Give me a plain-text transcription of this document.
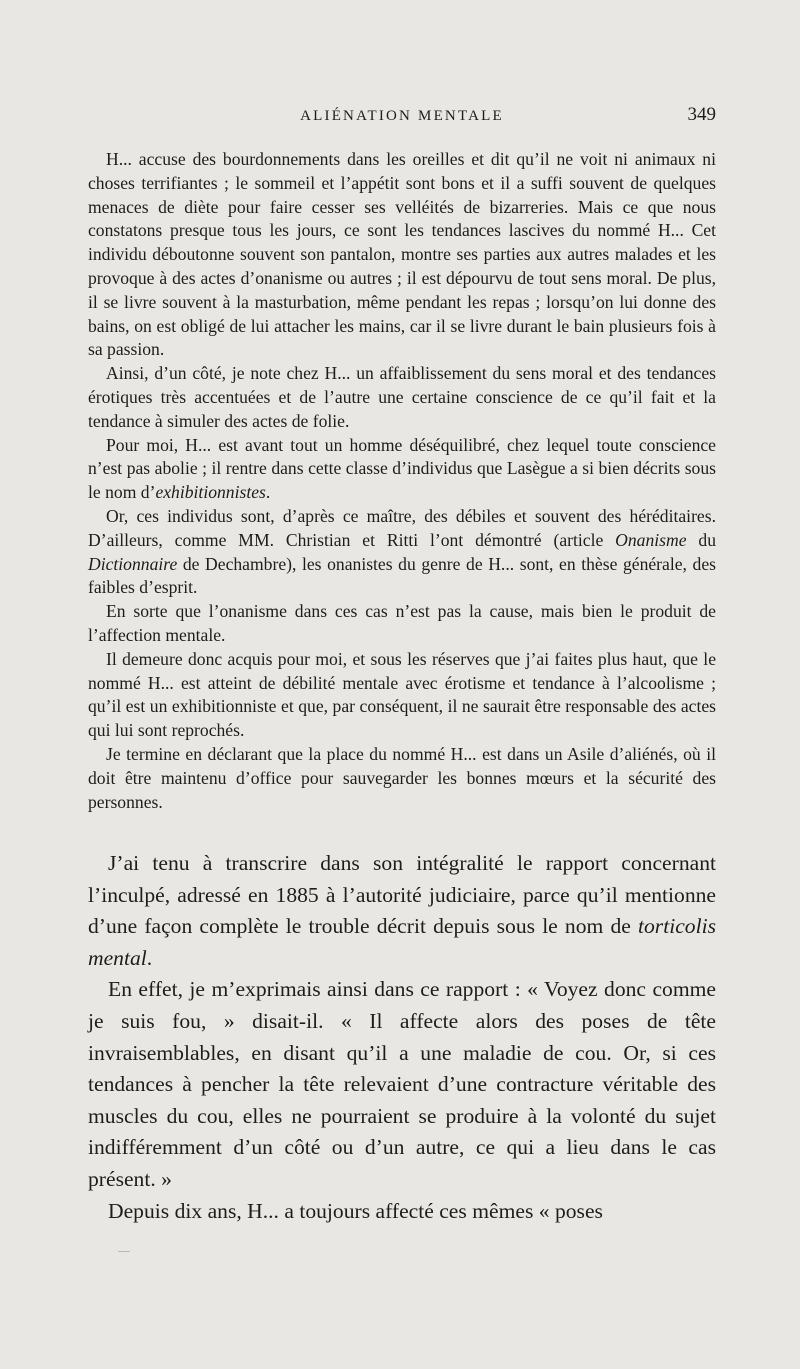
ALIÉNATION MENTALE	349

H... accuse des bourdonnements dans les oreilles et dit qu’il ne voit ni animaux ni choses terrifiantes ; le sommeil et l’appétit sont bons et il a suffi souvent de quelques menaces de diète pour faire cesser ses velléités de bizarreries. Mais ce que nous constatons presque tous les jours, ce sont les tendances lascives du nommé H... Cet individu déboutonne souvent son pantalon, montre ses parties aux autres malades et les provoque à des actes d’onanisme ou autres ; il est dépourvu de tout sens moral. De plus, il se livre souvent à la masturbation, même pendant les repas ; lorsqu’on lui donne des bains, on est obligé de lui attacher les mains, car il se livre durant le bain plusieurs fois à sa passion.

Ainsi, d’un côté, je note chez H... un affaiblissement du sens moral et des tendances érotiques très accentuées et de l’autre une certaine conscience de ce qu’il fait et la tendance à simuler des actes de folie.

Pour moi, H... est avant tout un homme déséquilibré, chez lequel toute conscience n’est pas abolie ; il rentre dans cette classe d’individus que Lasègue a si bien décrits sous le nom d’exhibitionnistes.

Or, ces individus sont, d’après ce maître, des débiles et souvent des héréditaires. D’ailleurs, comme MM. Christian et Ritti l’ont démontré (article Onanisme du Dictionnaire de Dechambre), les onanistes du genre de H... sont, en thèse générale, des faibles d’esprit.

En sorte que l’onanisme dans ces cas n’est pas la cause, mais bien le produit de l’affection mentale.

Il demeure donc acquis pour moi, et sous les réserves que j’ai faites plus haut, que le nommé H... est atteint de débilité mentale avec érotisme et tendance à l’alcoolisme ; qu’il est un exhibitionniste et que, par conséquent, il ne saurait être responsable des actes qui lui sont reprochés.

Je termine en déclarant que la place du nommé H... est dans un Asile d’aliénés, où il doit être maintenu d’office pour sauvegarder les bonnes mœurs et la sécurité des personnes.

J’ai tenu à transcrire dans son intégralité le rapport concernant l’inculpé, adressé en 1885 à l’autorité judiciaire, parce qu’il mentionne d’une façon complète le trouble décrit depuis sous le nom de torticolis mental.

En effet, je m’exprimais ainsi dans ce rapport : « Voyez donc comme je suis fou, » disait-il. « Il affecte alors des poses de tête invraisemblables, en disant qu’il a une maladie de cou. Or, si ces tendances à pencher la tête relevaient d’une contracture véritable des muscles du cou, elles ne pourraient se produire à la volonté du sujet indifféremment d’un côté ou d’un autre, ce qui a lieu dans le cas présent. »

Depuis dix ans, H... a toujours affecté ces mêmes « poses
